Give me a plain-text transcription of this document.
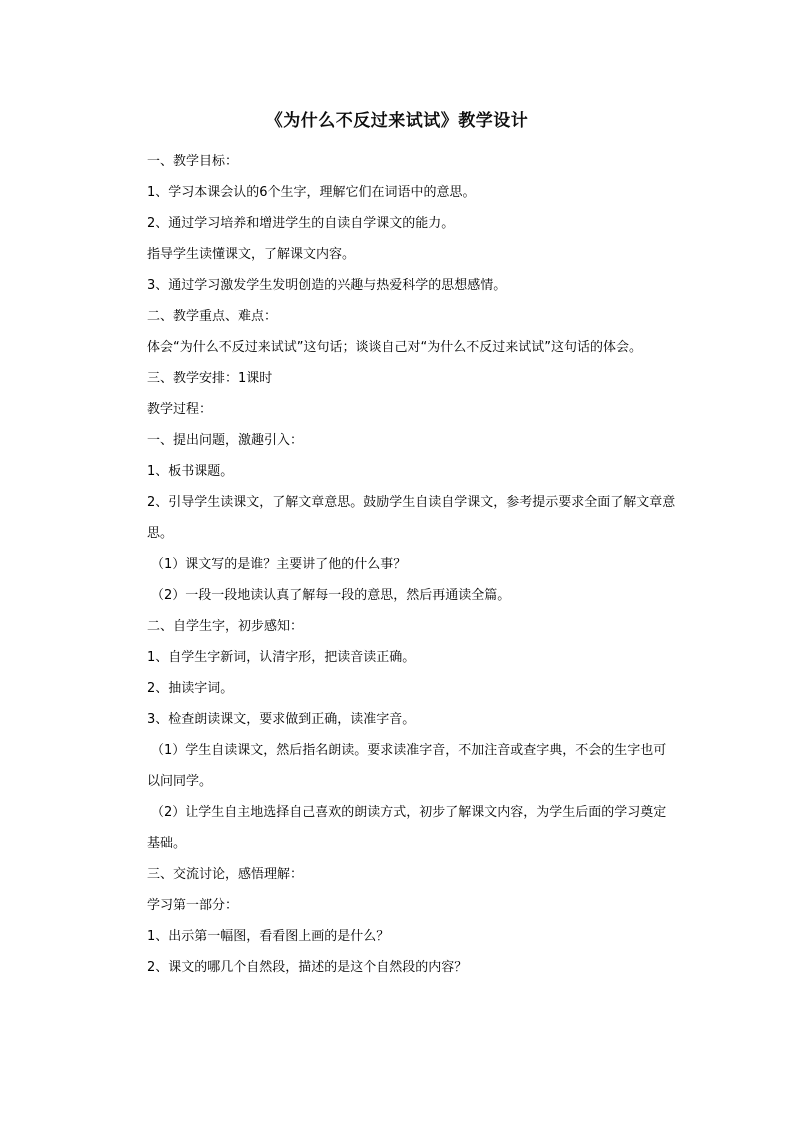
《为什么不反过来试试》教学设计

一、教学目标：

1、学习本课会认的6个生字，理解它们在词语中的意思。

2、通过学习培养和增进学生的自读自学课文的能力。

指导学生读懂课文，了解课文内容。

3、通过学习激发学生发明创造的兴趣与热爱科学的思想感情。

二、教学重点、难点：

体会“为什么不反过来试试”这句话；谈谈自己对“为什么不反过来试试”这句话的体会。

三、教学安排：1课时

教学过程：

一、提出问题，激趣引入：

1、板书课题。

2、引导学生读课文，了解文章意思。鼓励学生自读自学课文，参考提示要求全面了解文章意思。

（1）课文写的是谁？主要讲了他的什么事？

（2）一段一段地读认真了解每一段的意思，然后再通读全篇。

二、自学生字，初步感知：

1、自学生字新词，认清字形，把读音读正确。

2、抽读字词。

3、检查朗读课文，要求做到正确，读准字音。

（1）学生自读课文，然后指名朗读。要求读准字音，不加注音或查字典，不会的生字也可以问同学。

（2）让学生自主地选择自己喜欢的朗读方式，初步了解课文内容，为学生后面的学习奠定基础。

三、交流讨论，感悟理解：

学习第一部分：

1、出示第一幅图，看看图上画的是什么？

2、课文的哪几个自然段，描述的是这个自然段的内容？
